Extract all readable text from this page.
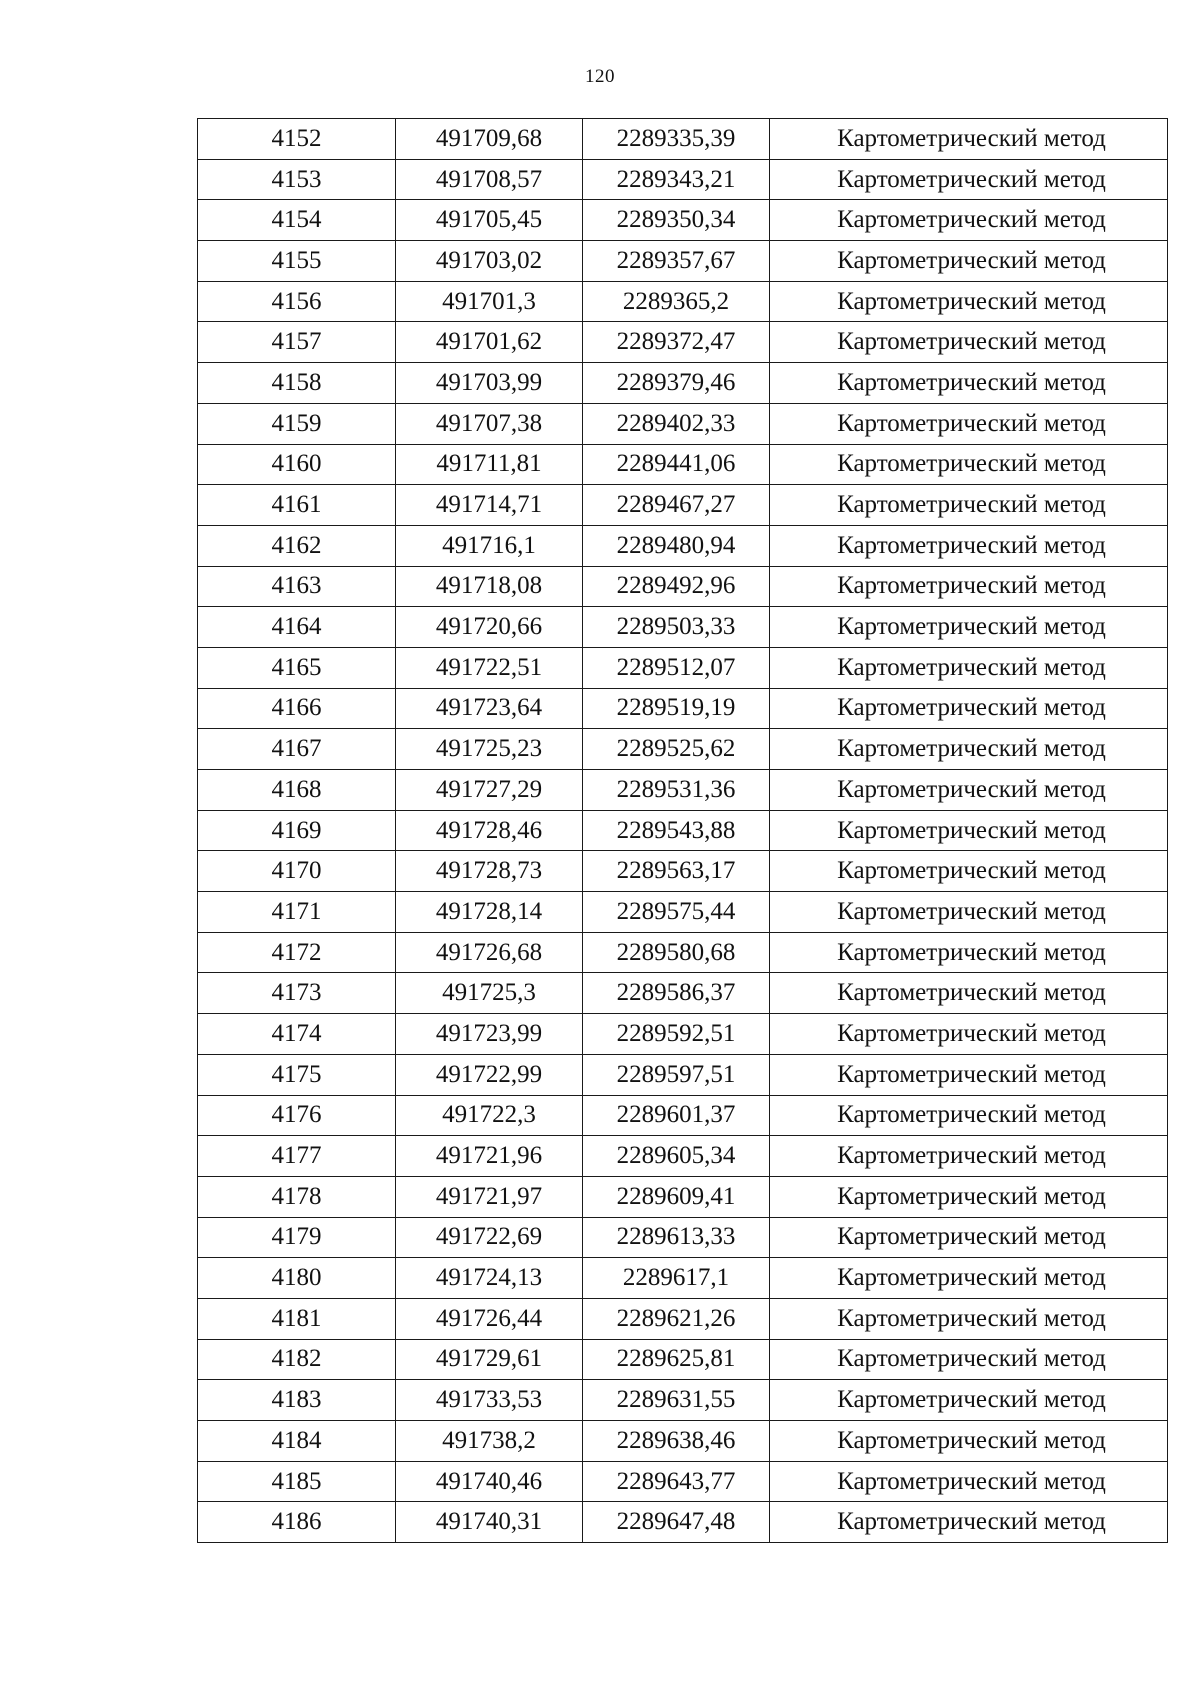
120
4152	491709,68	2289335,39	Картометрический метод
4153	491708,57	2289343,21	Картометрический метод
4154	491705,45	2289350,34	Картометрический метод
4155	491703,02	2289357,67	Картометрический метод
4156	491701,3	2289365,2	Картометрический метод
4157	491701,62	2289372,47	Картометрический метод
4158	491703,99	2289379,46	Картометрический метод
4159	491707,38	2289402,33	Картометрический метод
4160	491711,81	2289441,06	Картометрический метод
4161	491714,71	2289467,27	Картометрический метод
4162	491716,1	2289480,94	Картометрический метод
4163	491718,08	2289492,96	Картометрический метод
4164	491720,66	2289503,33	Картометрический метод
4165	491722,51	2289512,07	Картометрический метод
4166	491723,64	2289519,19	Картометрический метод
4167	491725,23	2289525,62	Картометрический метод
4168	491727,29	2289531,36	Картометрический метод
4169	491728,46	2289543,88	Картометрический метод
4170	491728,73	2289563,17	Картометрический метод
4171	491728,14	2289575,44	Картометрический метод
4172	491726,68	2289580,68	Картометрический метод
4173	491725,3	2289586,37	Картометрический метод
4174	491723,99	2289592,51	Картометрический метод
4175	491722,99	2289597,51	Картометрический метод
4176	491722,3	2289601,37	Картометрический метод
4177	491721,96	2289605,34	Картометрический метод
4178	491721,97	2289609,41	Картометрический метод
4179	491722,69	2289613,33	Картометрический метод
4180	491724,13	2289617,1	Картометрический метод
4181	491726,44	2289621,26	Картометрический метод
4182	491729,61	2289625,81	Картометрический метод
4183	491733,53	2289631,55	Картометрический метод
4184	491738,2	2289638,46	Картометрический метод
4185	491740,46	2289643,77	Картометрический метод
4186	491740,31	2289647,48	Картометрический метод
